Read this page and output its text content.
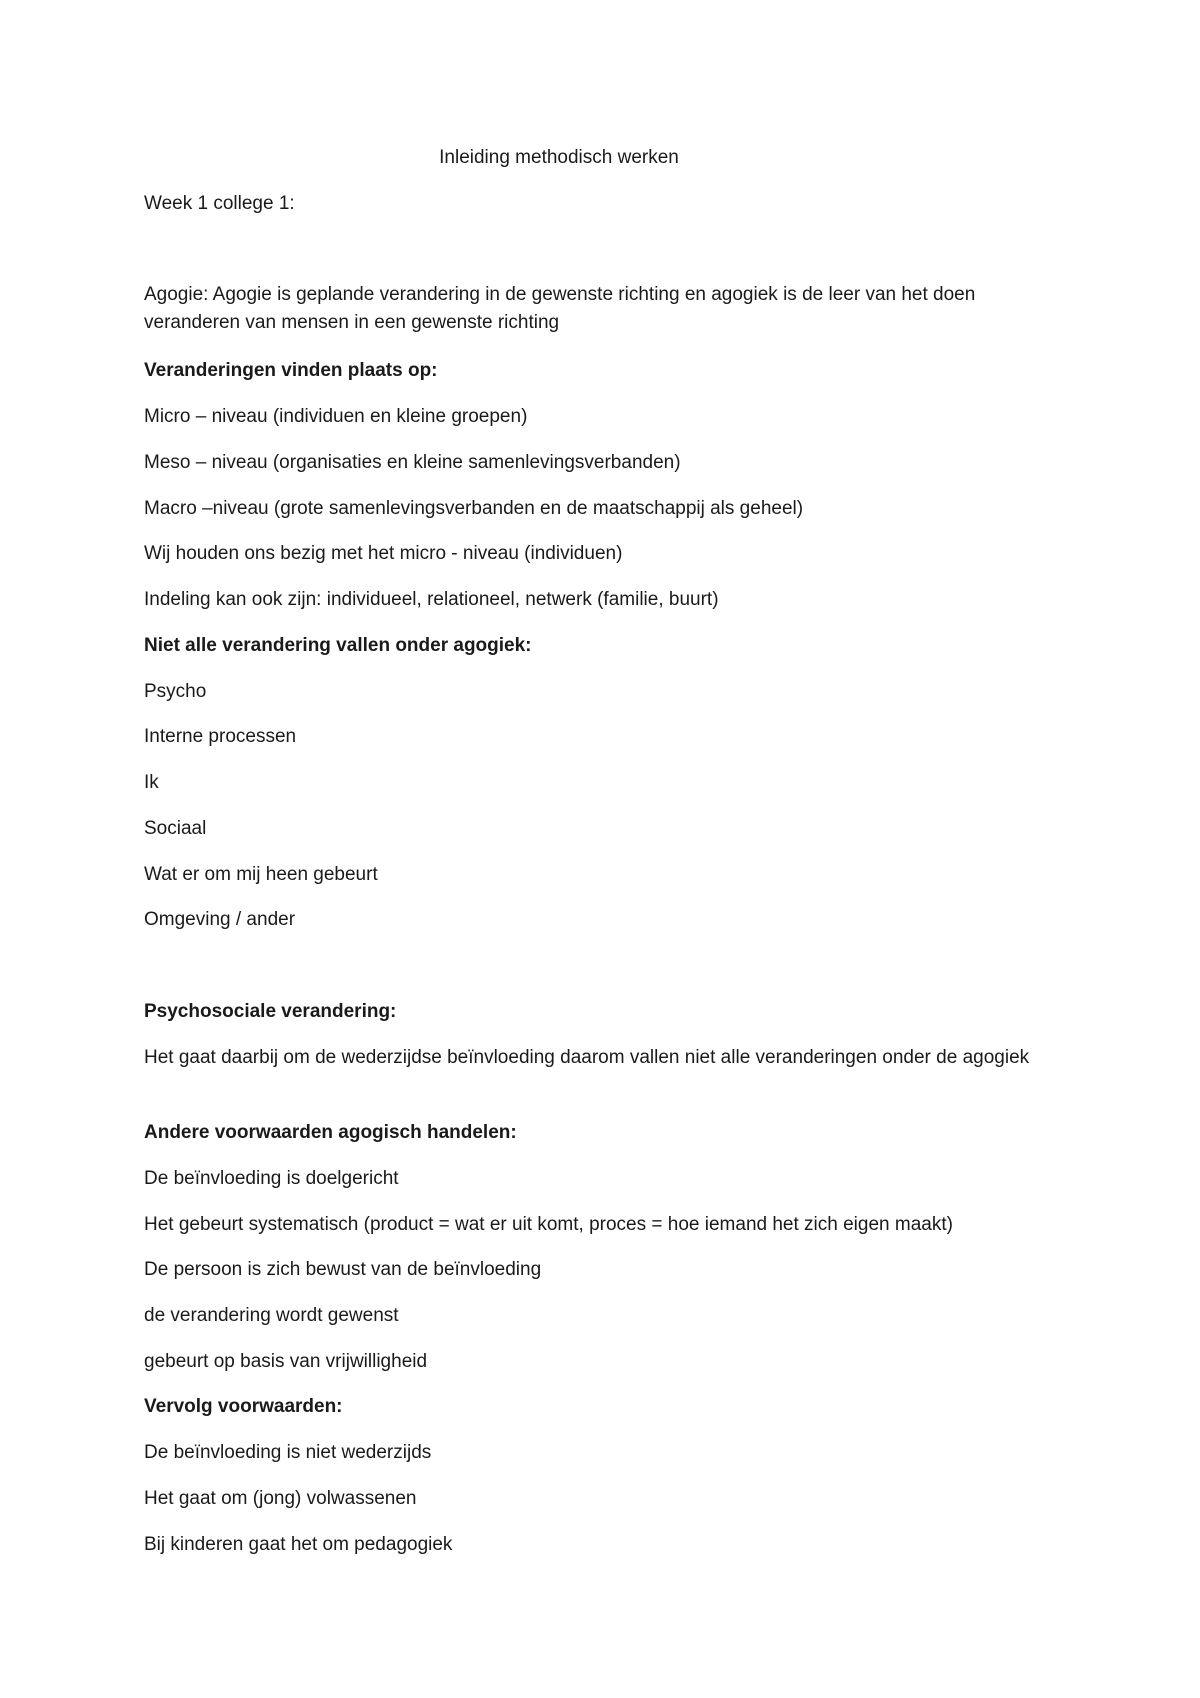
Inleiding methodisch werken
Week 1 college 1:
Agogie: Agogie is geplande verandering in de gewenste richting en agogiek is de leer van het doen veranderen van mensen in een gewenste richting
Veranderingen vinden plaats op:
Micro – niveau (individuen en kleine groepen)
Meso – niveau (organisaties en kleine samenlevingsverbanden)
Macro –niveau (grote samenlevingsverbanden en de maatschappij als geheel)
Wij houden ons bezig met het micro - niveau (individuen)
Indeling kan ook zijn: individueel, relationeel, netwerk (familie, buurt)
Niet alle verandering vallen onder agogiek:
Psycho
Interne processen
Ik
Sociaal
Wat er om mij heen gebeurt
Omgeving / ander
Psychosociale verandering:
Het gaat daarbij om de wederzijdse beïnvloeding daarom vallen niet alle veranderingen onder de agogiek
Andere voorwaarden agogisch handelen:
De beïnvloeding is doelgericht
Het gebeurt systematisch (product = wat er uit komt, proces = hoe iemand het zich eigen maakt)
De persoon is zich bewust van de beïnvloeding
de verandering wordt gewenst
gebeurt op basis van vrijwilligheid
Vervolg voorwaarden:
De beïnvloeding is niet wederzijds
Het gaat om (jong) volwassenen
Bij kinderen gaat het om pedagogiek
